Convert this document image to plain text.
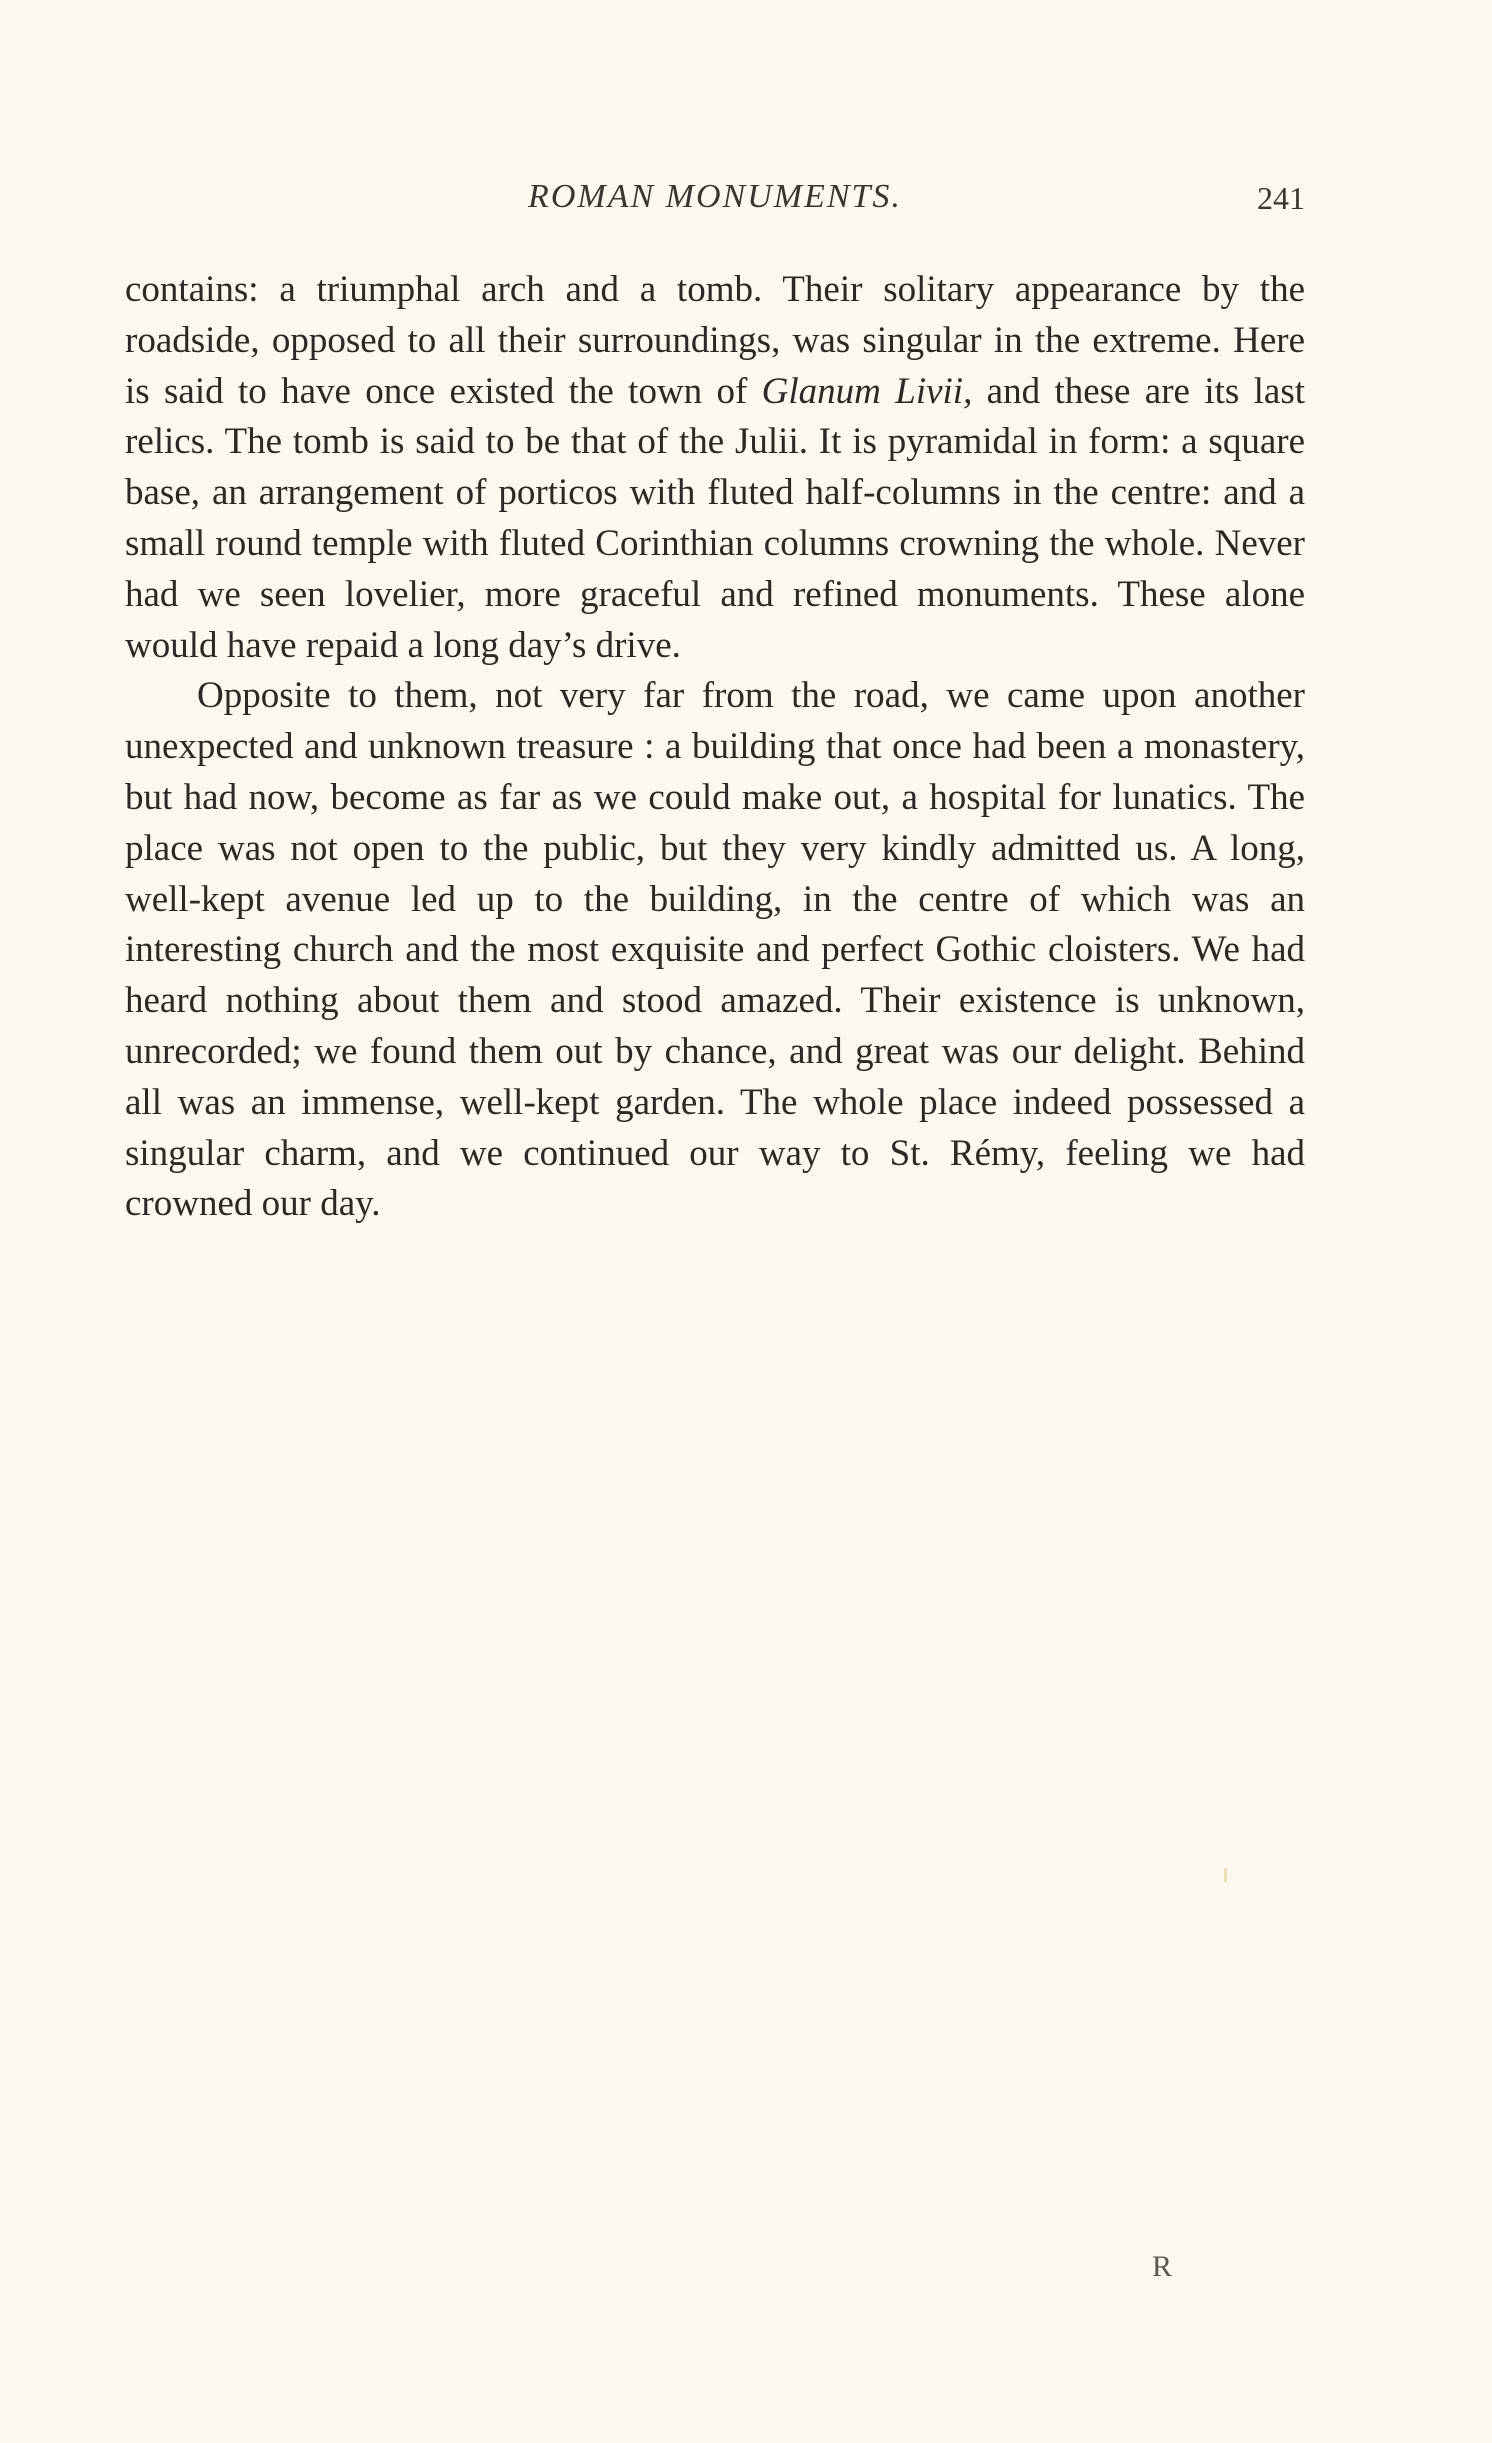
ROMAN MONUMENTS.	241

contains: a triumphal arch and a tomb. Their solitary appearance by the roadside, opposed to all their surroundings, was singular in the extreme. Here is said to have once existed the town of Glanum Livii, and these are its last relics. The tomb is said to be that of the Julii. It is pyramidal in form: a square base, an arrangement of porticos with fluted half-columns in the centre: and a small round temple with fluted Corinthian columns crowning the whole. Never had we seen lovelier, more graceful and refined monuments. These alone would have repaid a long day’s drive.

Opposite to them, not very far from the road, we came upon another unexpected and unknown treasure : a building that once had been a monastery, but had now, become as far as we could make out, a hospital for lunatics. The place was not open to the public, but they very kindly admitted us. A long, well-kept avenue led up to the building, in the centre of which was an interesting church and the most exquisite and perfect Gothic cloisters. We had heard nothing about them and stood amazed. Their existence is unknown, unrecorded; we found them out by chance, and great was our delight. Behind all was an immense, well-kept garden. The whole place indeed possessed a singular charm, and we continued our way to St. Rémy, feeling we had crowned our day.

R
